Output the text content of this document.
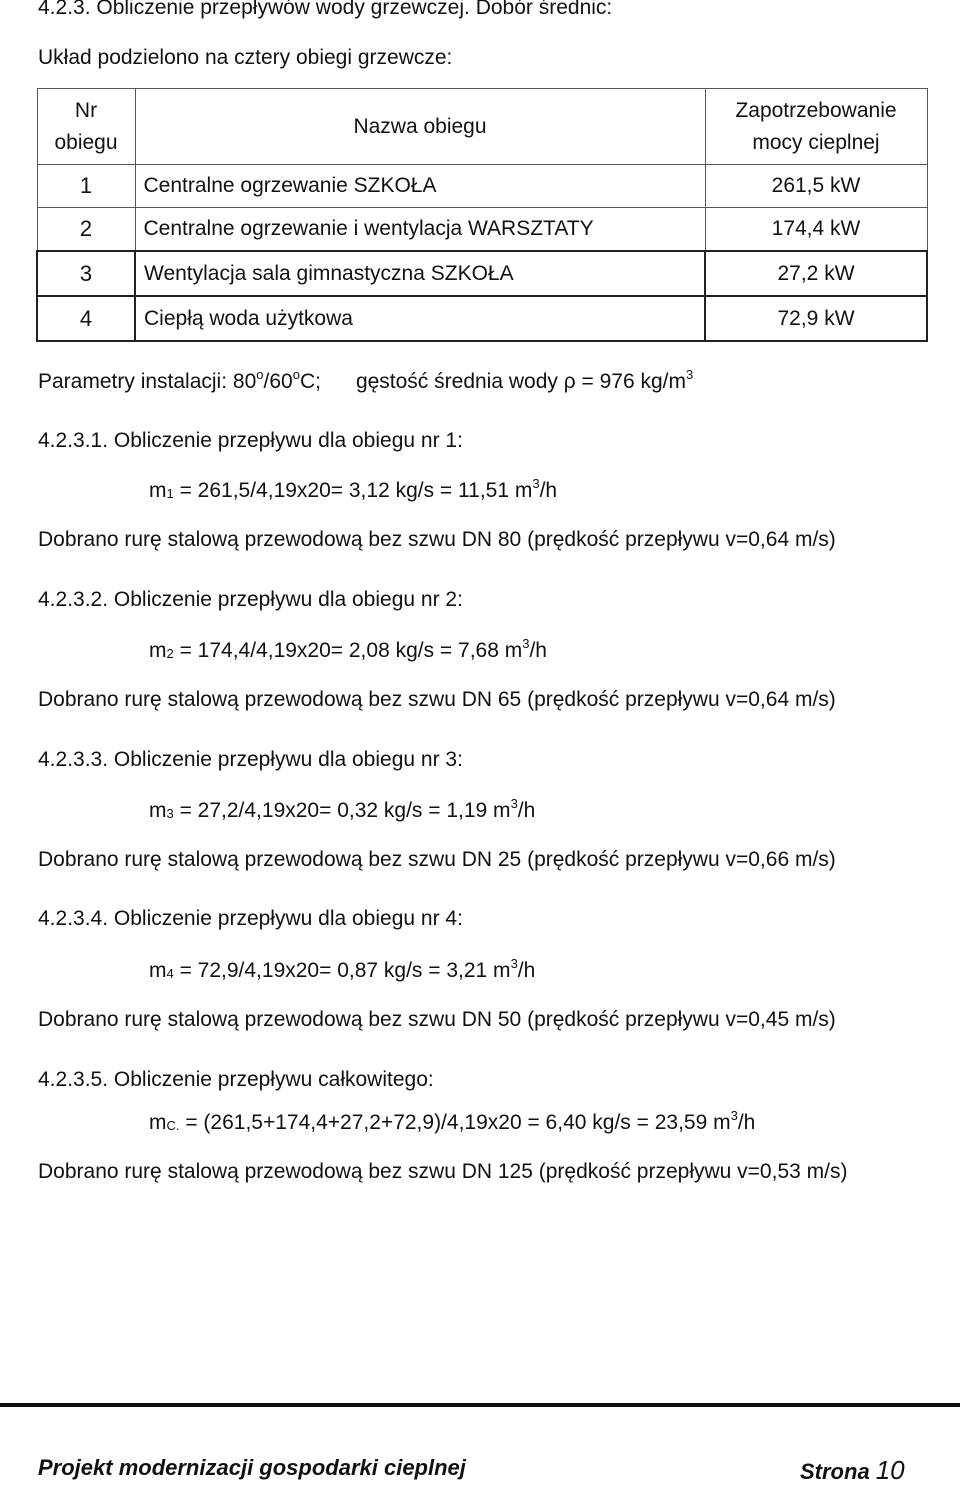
4.2.3. Obliczenie przepływów wody grzewczej. Dobór średnic:
Układ podzielono na cztery obiegi grzewcze:
Nr
obiegu	Nazwa obiegu	Zapotrzebowanie
mocy cieplnej
1	Centralne ogrzewanie SZKOŁA	261,5 kW
2	Centralne ogrzewanie i wentylacja WARSZTATY	174,4 kW
3	Wentylacja sala gimnastyczna SZKOŁA	27,2 kW
4	Ciepłą woda użytkowa	72,9 kW
Parametry instalacji: 80$^o$/60$^o$C; gęstość średnia wody ρ = 976 $kg/m^3$
4.2.3.1. Obliczenie przepływu dla obiegu nr 1:
$m_1 = 261,5/4,19x20= 3,12$ kg/s = 11,51 $m^3/h$
Dobrano rurę stalową przewodową bez szwu DN 80 (prędkość przepływu v=0,64 m/s)
4.2.3.2. Obliczenie przepływu dla obiegu nr 2:
$m_2 = 174,4/4,19x20= 2,08$ kg/s = 7,68 $m^3/h$
Dobrano rurę stalową przewodową bez szwu DN 65 (prędkość przepływu v=0,64 m/s)
4.2.3.3. Obliczenie przepływu dla obiegu nr 3:
$m_3 = 27,2/4,19x20= 0,32$ kg/s = 1,19 $m^3/h$
Dobrano rurę stalową przewodową bez szwu DN 25 (prędkość przepływu v=0,66 m/s)
4.2.3.4. Obliczenie przepływu dla obiegu nr 4:
$m_4 = 72,9/4,19x20= 0,87$ kg/s = 3,21 $m^3/h$
Dobrano rurę stalową przewodową bez szwu DN 50 (prędkość przepływu v=0,45 m/s)
4.2.3.5. Obliczenie przepływu całkowitego:
$m_{C.} = (261,5+174,4+27,2+72,9)/4,19x20 = 6,40$ kg/s = 23,59 $m^3/h$
Dobrano rurę stalową przewodową bez szwu DN 125 (prędkość przepływu v=0,53 m/s)
Projekt modernizacji gospodarki cieplnej	Strona 10
